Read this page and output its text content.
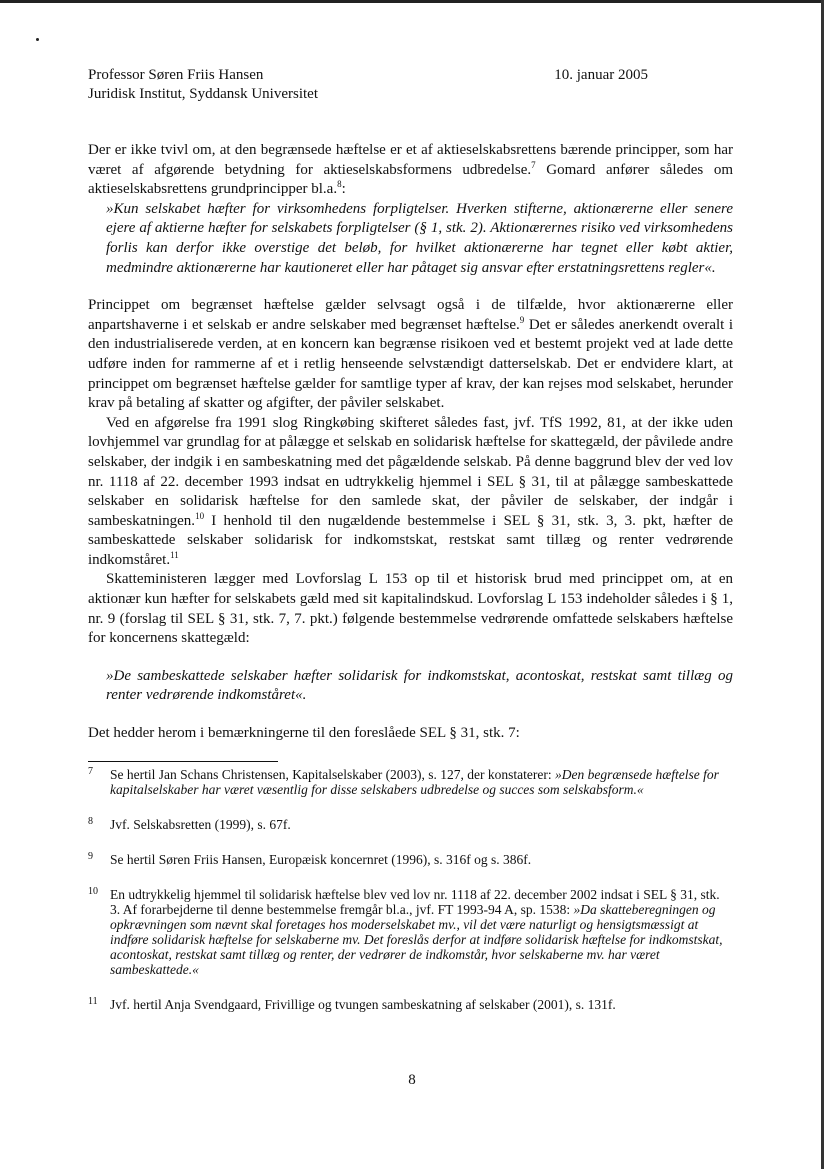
Professor Søren Friis Hansen
Juridisk Institut, Syddansk Universitet
10. januar 2005

Der er ikke tvivl om, at den begrænsede hæftelse er et af aktieselskabsrettens bærende principper, som har været af afgørende betydning for aktieselskabsformens udbredelse.$^7$ Gomard anfører således om aktieselskabsrettens grundprincipper bl.a.$^8$:

»Kun selskabet hæfter for virksomhedens forpligtelser. Hverken stifterne, aktionærerne eller senere ejere af aktierne hæfter for selskabets forpligtelser (§ 1, stk. 2). Aktionærernes risiko ved virksomhedens forlis kan derfor ikke overstige det beløb, for hvilket aktionærerne har tegnet eller købt aktier, medmindre aktionærerne har kautioneret eller har påtaget sig ansvar efter erstatningsrettens regler«.

Princippet om begrænset hæftelse gælder selvsagt også i de tilfælde, hvor aktionærerne eller anpartshaverne i et selskab er andre selskaber med begrænset hæftelse.$^9$ Det er således anerkendt overalt i den industrialiserede verden, at en koncern kan begrænse risikoen ved et bestemt projekt ved at lade dette udføre inden for rammerne af et i retlig henseende selvstændigt datterselskab. Det er endvidere klart, at princippet om begrænset hæftelse gælder for samtlige typer af krav, der kan rejses mod selskabet, herunder krav på betaling af skatter og afgifter, der påviler selskabet.

Ved en afgørelse fra 1991 slog Ringkøbing skifteret således fast, jvf. TfS 1992, 81, at der ikke uden lovhjemmel var grundlag for at pålægge et selskab en solidarisk hæftelse for skattegæld, der påvilede andre selskaber, der indgik i en sambeskatning med det pågældende selskab. På denne baggrund blev der ved lov nr. 1118 af 22. december 1993 indsat en udtrykkelig hjemmel i SEL § 31, til at pålægge sambeskattede selskaber en solidarisk hæftelse for den samlede skat, der påviler de selskaber, der indgår i sambeskatningen.$^{10}$ I henhold til den nugældende bestemmelse i SEL § 31, stk. 3, 3. pkt, hæfter de sambeskattede selskaber solidarisk for indkomstskat, restskat samt tillæg og renter vedrørende indkomståret.$^{11}$

Skatteministeren lægger med Lovforslag L 153 op til et historisk brud med princippet om, at en aktionær kun hæfter for selskabets gæld med sit kapitalindskud. Lovforslag L 153 indeholder således i § 1, nr. 9 (forslag til SEL § 31, stk. 7, 7. pkt.) følgende bestemmelse vedrørende omfattede selskabers hæftelse for koncernens skattegæld:

»De sambeskattede selskaber hæfter solidarisk for indkomstskat, acontoskat, restskat samt tillæg og renter vedrørende indkomståret«.

Det hedder herom i bemærkningerne til den foreslåede SEL § 31, stk. 7:

7 Se hertil Jan Schans Christensen, Kapitalselskaber (2003), s. 127, der konstaterer: »Den begrænsede hæftelse for kapitalselskaber har været væsentlig for disse selskabers udbredelse og succes som selskabsform.«

8 Jvf. Selskabsretten (1999), s. 67f.

9 Se hertil Søren Friis Hansen, Europæisk koncernret (1996), s. 316f og s. 386f.

10 En udtrykkelig hjemmel til solidarisk hæftelse blev ved lov nr. 1118 af 22. december 2002 indsat i SEL § 31, stk. 3. Af forarbejderne til denne bestemmelse fremgår bl.a., jvf. FT 1993-94 A, sp. 1538: »Da skatteberegningen og opkrævningen som nævnt skal foretages hos moderselskabet mv., vil det være naturligt og hensigtsmæssigt at indføre solidarisk hæftelse for selskaberne mv. Det foreslås derfor at indføre solidarisk hæftelse for indkomstskat, acontoskat, restskat samt tillæg og renter, der vedrører de indkomstår, hvor selskaberne mv. har været sambeskattede.«

11 Jvf. hertil Anja Svendgaard, Frivillige og tvungen sambeskatning af selskaber (2001), s. 131f.

8
